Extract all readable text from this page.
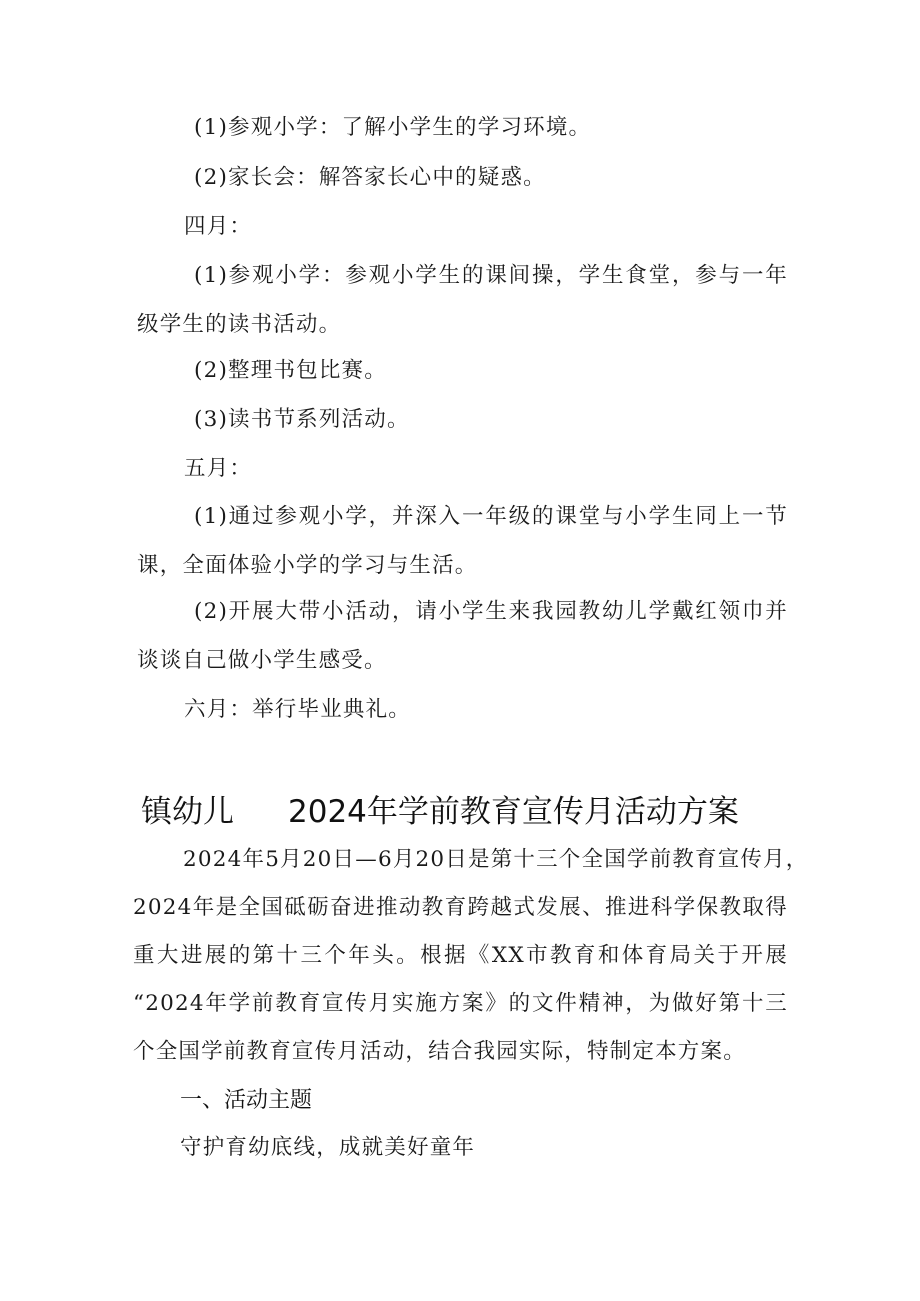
(1)参观小学：了解小学生的学习环境。
(2)家长会：解答家长心中的疑惑。
四月：
(1)参观小学：参观小学生的课间操，学生食堂，参与一年
级学生的读书活动。
(2)整理书包比赛。
(3)读书节系列活动。
五月：
(1)通过参观小学，并深入一年级的课堂与小学生同上一节
课，全面体验小学的学习与生活。
(2)开展大带小活动，请小学生来我园教幼儿学戴红领巾并
谈谈自己做小学生感受。
六月：举行毕业典礼。
镇幼儿 2024年学前教育宣传月活动方案
2024年5月20日—6月20日是第十三个全国学前教育宣传月，
2024年是全国砥砺奋进推动教育跨越式发展、推进科学保教取得
重大进展的第十三个年头。根据《XX市教育和体育局关于开展
“2024年学前教育宣传月实施方案》的文件精神，为做好第十三
个全国学前教育宣传月活动，结合我园实际，特制定本方案。
一、活动主题
守护育幼底线，成就美好童年
